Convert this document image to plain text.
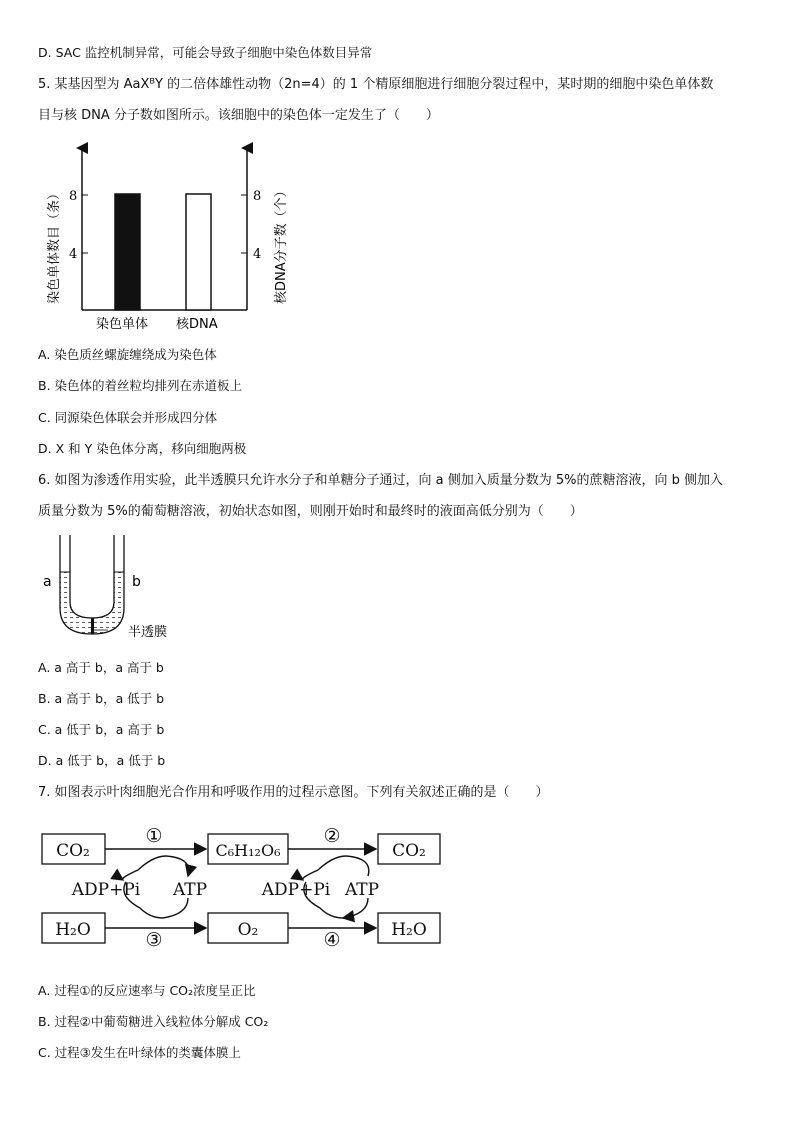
D. SAC 监控机制异常，可能会导致子细胞中染色体数目异常
5. 某基因型为 AaXᴮY 的二倍体雄性动物（2n=4）的 1 个精原细胞进行细胞分裂过程中，某时期的细胞中染色单体数
目与核 DNA 分子数如图所示。该细胞中的染色体一定发生了（　　）
8
4
8
4
染色单体数目（条）	核DNA分子数（个）
染色单体 核DNA
A. 染色质丝螺旋缠绕成为染色体
B. 染色体的着丝粒均排列在赤道板上
C. 同源染色体联会并形成四分体
D. X 和 Y 染色体分离，移向细胞两极
6. 如图为渗透作用实验，此半透膜只允许水分子和单糖分子通过，向 a 侧加入质量分数为 5%的蔗糖溶液，向 b 侧加入
质量分数为 5%的葡萄糖溶液，初始状态如图，则刚开始时和最终时的液面高低分别为（　　）
a	b
半透膜
A. a 高于 b，a 高于 b
B. a 高于 b，a 低于 b
C. a 低于 b，a 高于 b
D. a 低于 b，a 低于 b
7. 如图表示叶肉细胞光合作用和呼吸作用的过程示意图。下列有关叙述正确的是（　　）
CO₂	C₆H₁₂O₆	CO₂
H₂O	O₂	H₂O
①	②
③	④
ADP+Pi ATP	ADP+Pi ATP
A. 过程①的反应速率与 CO₂浓度呈正比
B. 过程②中葡萄糖进入线粒体分解成 CO₂
C. 过程③发生在叶绿体的类囊体膜上
